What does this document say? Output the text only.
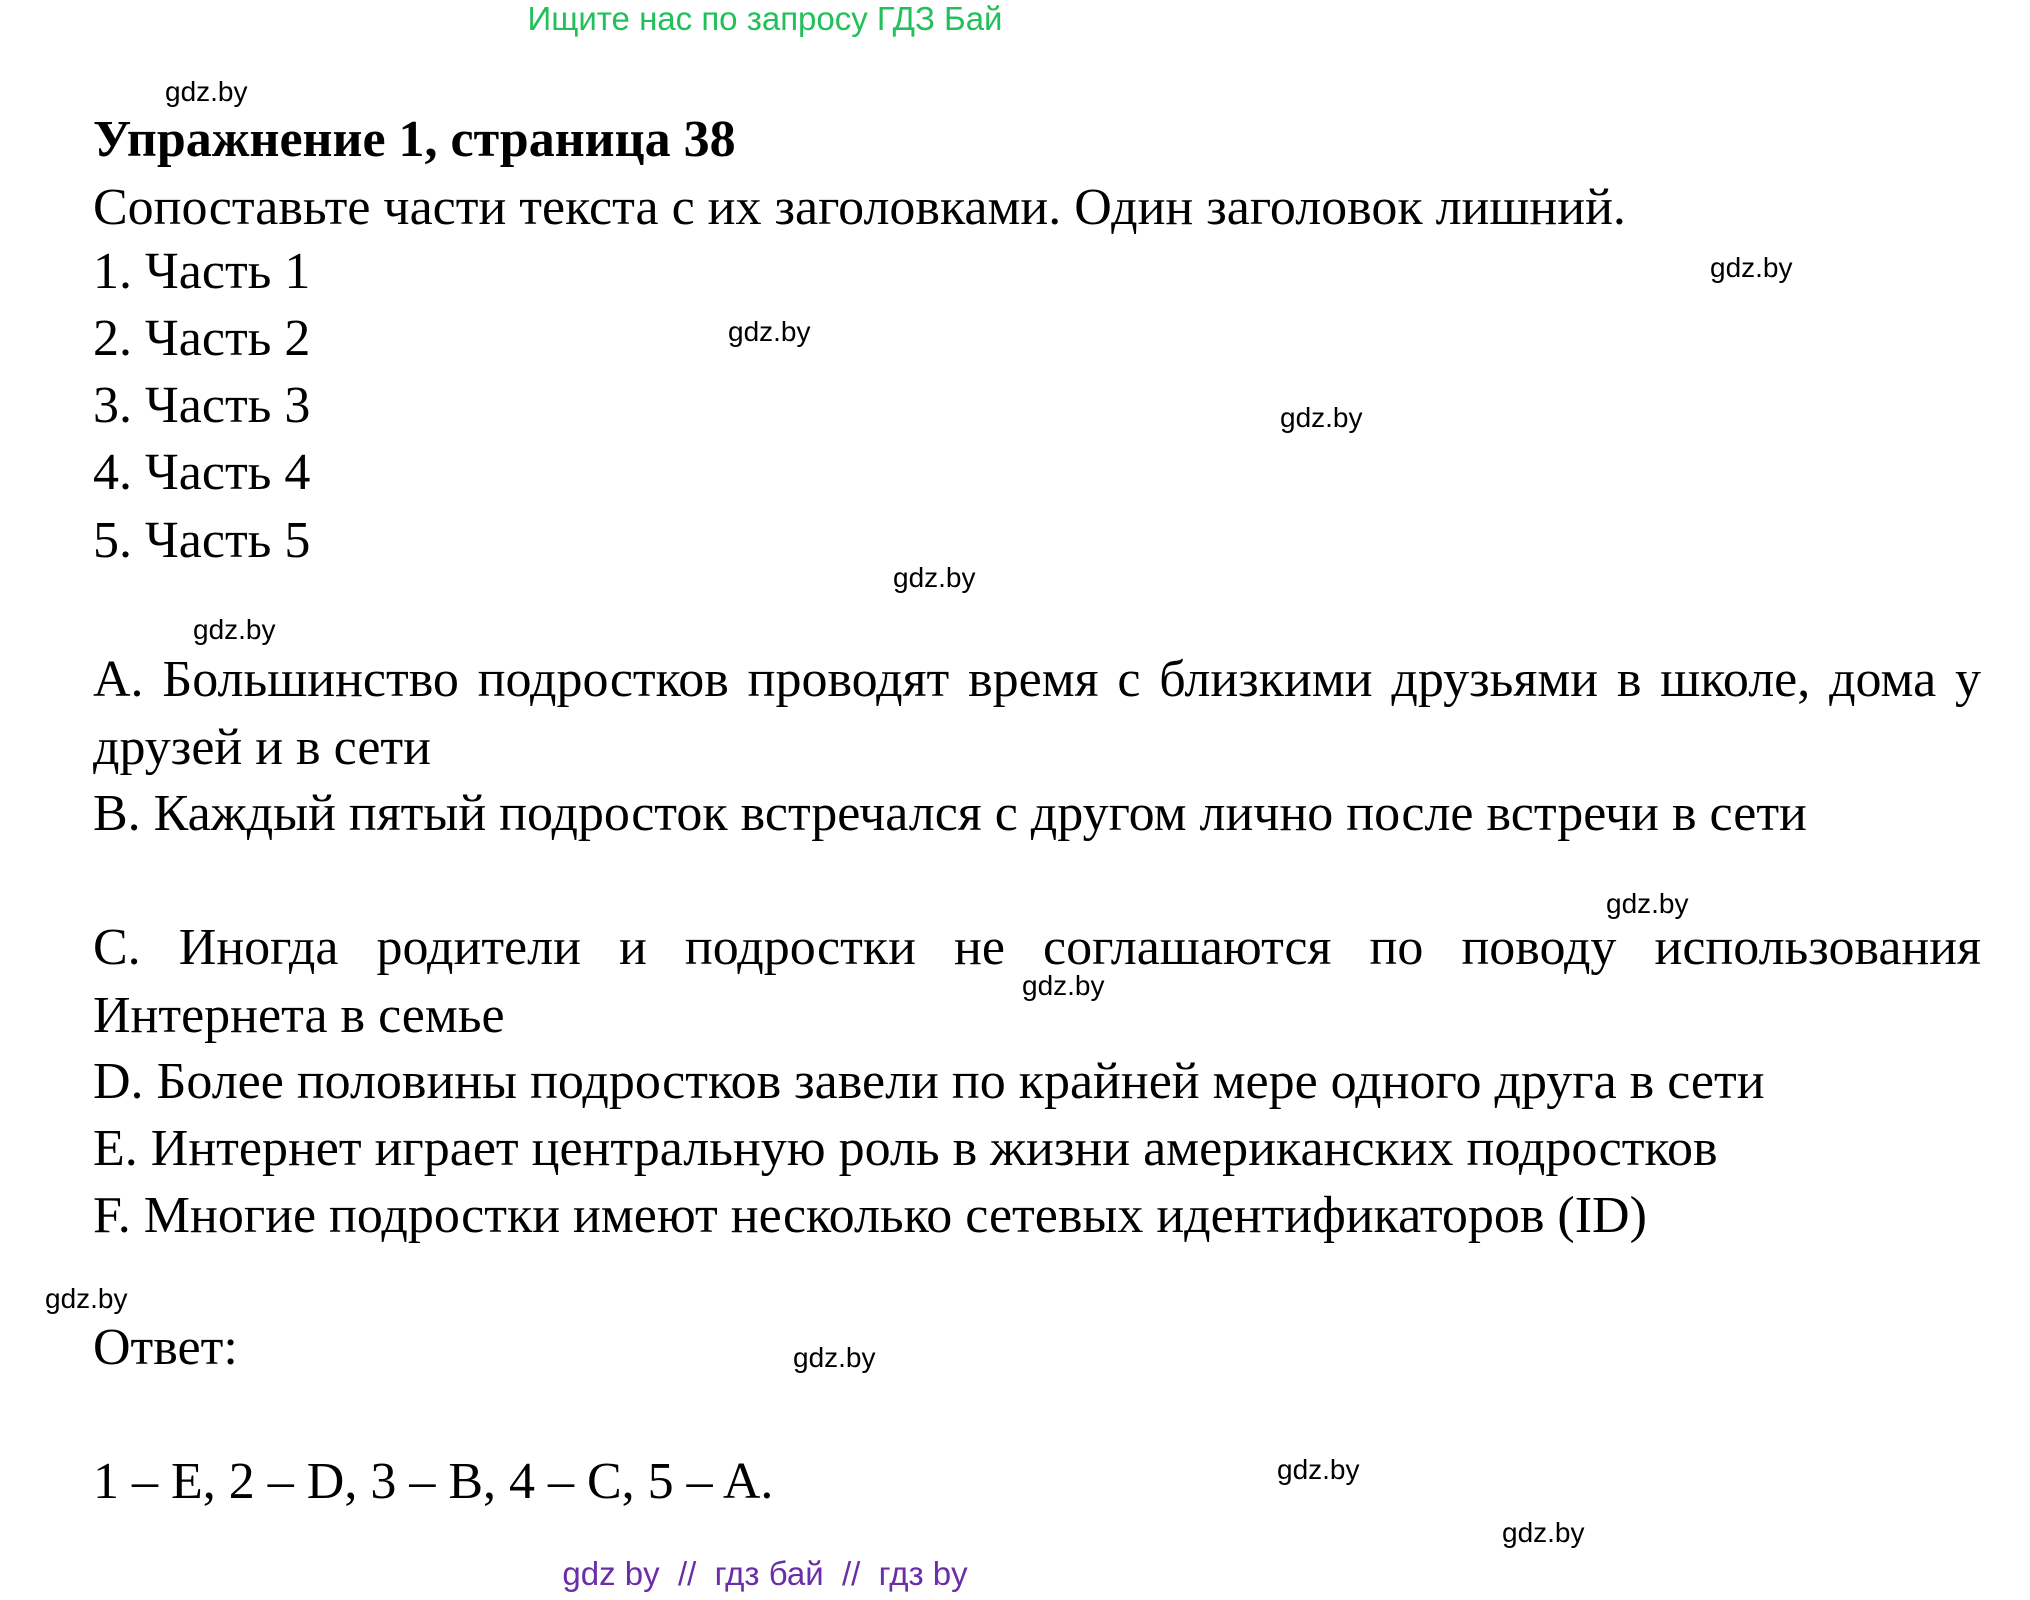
Ищите нас по запросу ГДЗ Бай
gdz.by
gdz.by
gdz.by
gdz.by
gdz.by
gdz.by
gdz.by
gdz.by
gdz.by
gdz.by
gdz.by
gdz.by
Упражнение 1, страница 38
Сопоставьте части текста с их заголовками. Один заголовок лишний.
1. Часть 1
2. Часть 2
3. Часть 3
4. Часть 4
5. Часть 5
A. Большинство подростков проводят время с близкими друзьями в школе, дома у друзей и в сети
B. Каждый пятый подросток встречался с другом лично после встречи в сети
C. Иногда родители и подростки не соглашаются по поводу использования Интернета в семье
D. Более половины подростков завели по крайней мере одного друга в сети
E. Интернет играет центральную роль в жизни американских подростков
F. Многие подростки имеют несколько сетевых идентификаторов (ID)
Ответ:
1 – E, 2 – D, 3 – B, 4 – C, 5 – A.
gdz by  //  гдз бай  //  гдз by
